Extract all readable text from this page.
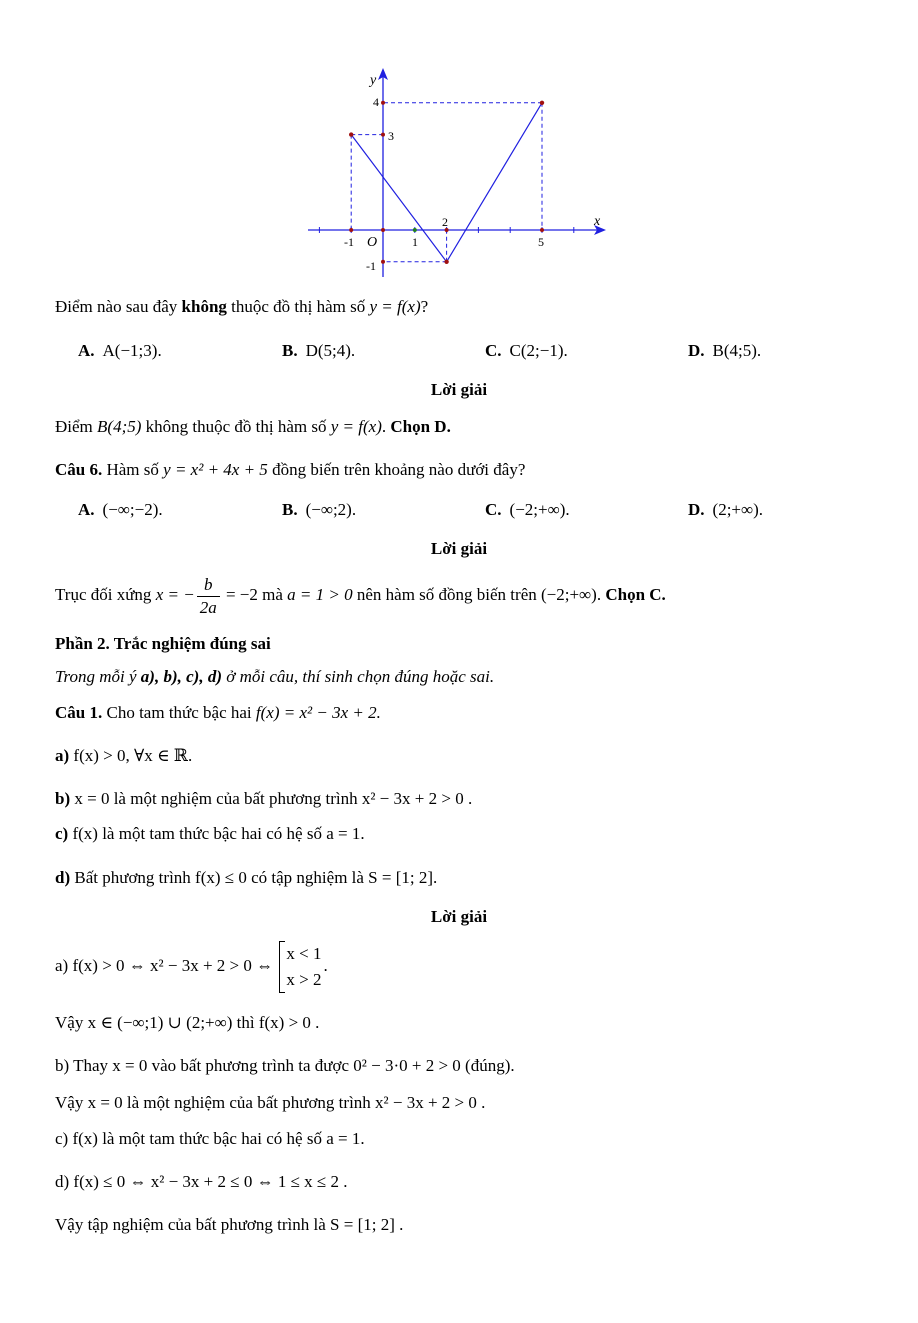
y
x
O
-1	1
2
5
3
4
-1
Điểm nào sau đây không thuộc đồ thị hàm số y = f(x)?
A. A(−1;3).	B. D(5;4).	C. C(2;−1).	D. B(4;5).
Lời giải
Điểm B(4;5) không thuộc đồ thị hàm số y = f(x). Chọn D.
Câu 6. Hàm số y = x² + 4x + 5 đồng biến trên khoảng nào dưới đây?
A. (−∞;−2).	B. (−∞;2).	C. (−2;+∞).	D. (2;+∞).
Lời giải
Trục đối xứng x = − $\frac{b}{2a} = -2$ mà a = 1 > 0 nên hàm số đồng biến trên (−2;+∞). Chọn C.
Phần 2. Trắc nghiệm đúng sai
Trong mỗi ý a), b), c), d) ở mỗi câu, thí sinh chọn đúng hoặc sai.
Câu 1. Cho tam thức bậc hai f(x) = x² − 3x + 2.
a) f(x) > 0, ∀x ∈ ℝ.
b) x = 0 là một nghiệm của bất phương trình x² − 3x + 2 > 0 .
c) f(x) là một tam thức bậc hai có hệ số a = 1.
d) Bất phương trình f(x) ≤ 0 có tập nghiệm là S = [1; 2].
Lời giải
a) f(x) > 0 ⇔ x² − 3x + 2 > 0 ⇔
x < 1
x > 2
.
Vậy x ∈ (−∞;1) ∪ (2;+∞) thì f(x) > 0 .
b) Thay x = 0 vào bất phương trình ta được 0² − 3·0 + 2 > 0 (đúng).
Vậy x = 0 là một nghiệm của bất phương trình x² − 3x + 2 > 0 .
c) f(x) là một tam thức bậc hai có hệ số a = 1.
d) f(x) ≤ 0 ⇔ x² − 3x + 2 ≤ 0 ⇔ 1 ≤ x ≤ 2 .
Vậy tập nghiệm của bất phương trình là S = [1; 2] .
